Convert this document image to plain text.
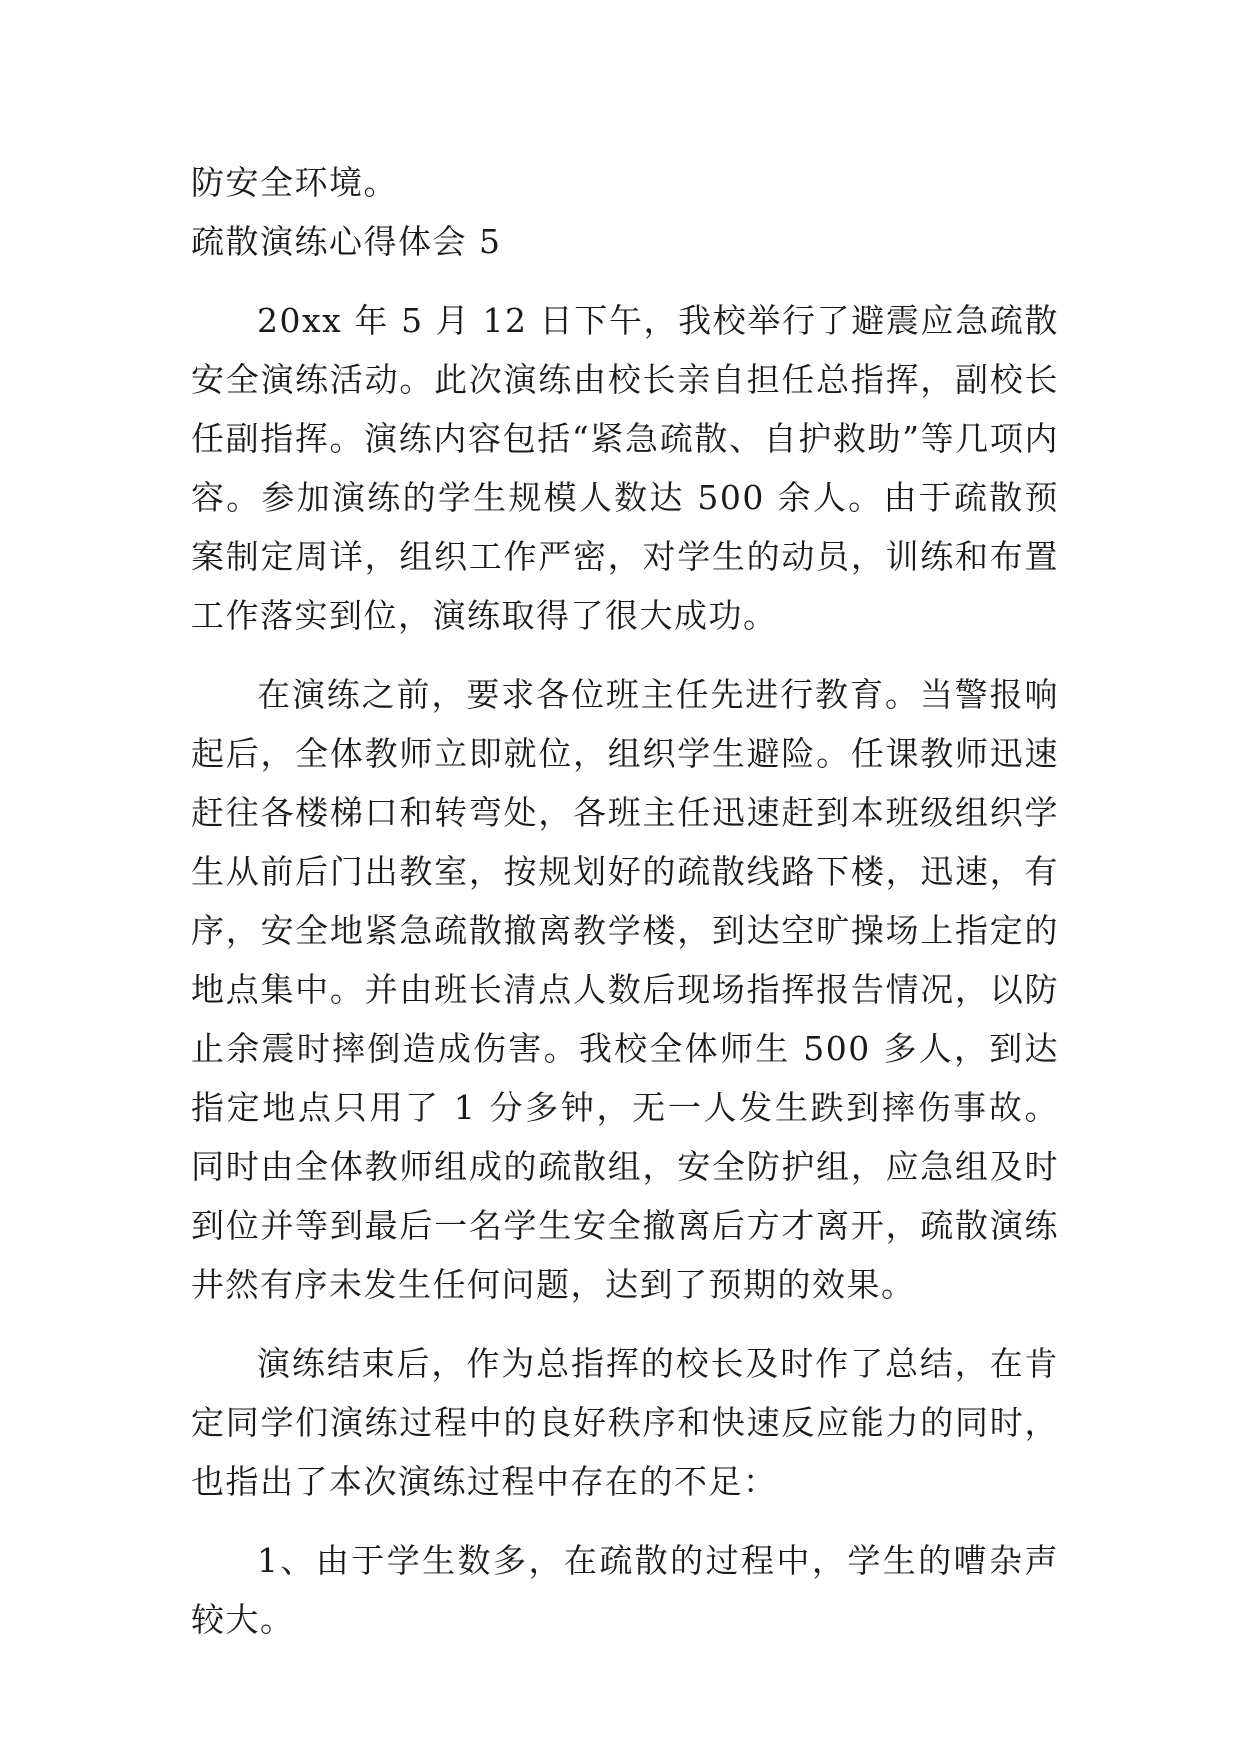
防安全环境。
疏散演练心得体会 5

20xx 年 5 月 12 日下午，我校举行了避震应急疏散安全演练活动。此次演练由校长亲自担任总指挥，副校长任副指挥。演练内容包括“紧急疏散、自护救助”等几项内容。参加演练的学生规模人数达 500 余人。由于疏散预案制定周详，组织工作严密，对学生的动员，训练和布置工作落实到位，演练取得了很大成功。

在演练之前，要求各位班主任先进行教育。当警报响起后，全体教师立即就位，组织学生避险。任课教师迅速赶往各楼梯口和转弯处，各班主任迅速赶到本班级组织学生从前后门出教室，按规划好的疏散线路下楼，迅速，有序，安全地紧急疏散撤离教学楼，到达空旷操场上指定的地点集中。并由班长清点人数后现场指挥报告情况，以防止余震时摔倒造成伤害。我校全体师生 500 多人，到达指定地点只用了 1 分多钟，无一人发生跌到摔伤事故。同时由全体教师组成的疏散组，安全防护组，应急组及时到位并等到最后一名学生安全撤离后方才离开，疏散演练井然有序未发生任何问题，达到了预期的效果。

演练结束后，作为总指挥的校长及时作了总结，在肯定同学们演练过程中的良好秩序和快速反应能力的同时，也指出了本次演练过程中存在的不足：

1、由于学生数多，在疏散的过程中，学生的嘈杂声较大。
